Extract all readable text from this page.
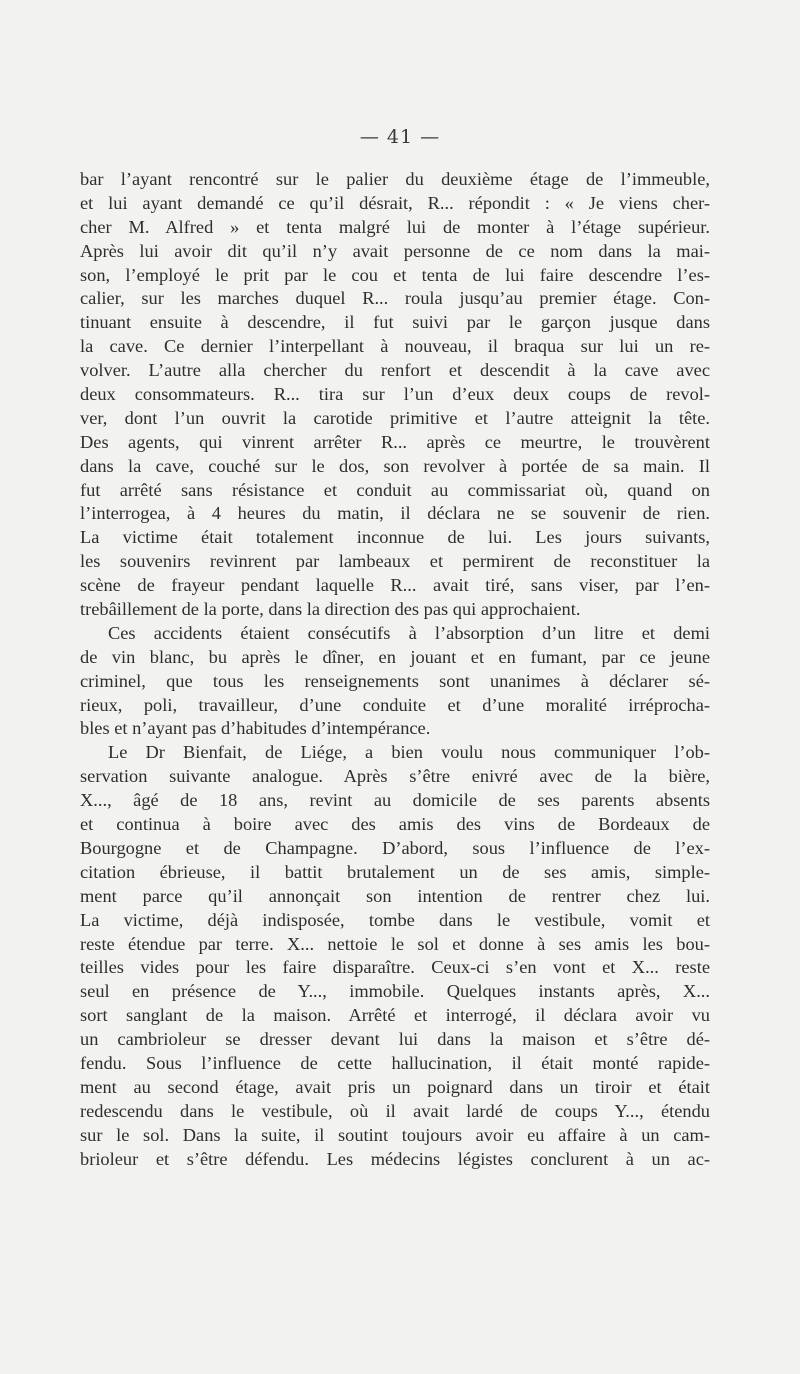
— 41 —
bar l’ayant rencontré sur le palier du deuxième étage de l’immeuble,
et lui ayant demandé ce qu’il désrait, R... répondit : « Je viens cher-
cher M. Alfred » et tenta malgré lui de monter à l’étage supérieur.
Après lui avoir dit qu’il n’y avait personne de ce nom dans la mai-
son, l’employé le prit par le cou et tenta de lui faire descendre l’es-
calier, sur les marches duquel R... roula jusqu’au premier étage. Con-
tinuant ensuite à descendre, il fut suivi par le garçon jusque dans
la cave. Ce dernier l’interpellant à nouveau, il braqua sur lui un re-
volver. L’autre alla chercher du renfort et descendit à la cave avec
deux consommateurs. R... tira sur l’un d’eux deux coups de revol-
ver, dont l’un ouvrit la carotide primitive et l’autre atteignit la tête.
Des agents, qui vinrent arrêter R... après ce meurtre, le trouvèrent
dans la cave, couché sur le dos, son revolver à portée de sa main. Il
fut arrêté sans résistance et conduit au commissariat où, quand on
l’interrogea, à 4 heures du matin, il déclara ne se souvenir de rien.
La victime était totalement inconnue de lui. Les jours suivants,
les souvenirs revinrent par lambeaux et permirent de reconstituer la
scène de frayeur pendant laquelle R... avait tiré, sans viser, par l’en-
trebâillement de la porte, dans la direction des pas qui approchaient.
Ces accidents étaient consécutifs à l’absorption d’un litre et demi
de vin blanc, bu après le dîner, en jouant et en fumant, par ce jeune
criminel, que tous les renseignements sont unanimes à déclarer sé-
rieux, poli, travailleur, d’une conduite et d’une moralité irréprocha-
bles et n’ayant pas d’habitudes d’intempérance.
Le Dr Bienfait, de Liége, a bien voulu nous communiquer l’ob-
servation suivante analogue. Après s’être enivré avec de la bière,
X..., âgé de 18 ans, revint au domicile de ses parents absents
et continua à boire avec des amis des vins de Bordeaux de
Bourgogne et de Champagne. D’abord, sous l’influence de l’ex-
citation ébrieuse, il battit brutalement un de ses amis, simple-
ment parce qu’il annonçait son intention de rentrer chez lui.
La victime, déjà indisposée, tombe dans le vestibule, vomit et
reste étendue par terre. X... nettoie le sol et donne à ses amis les bou-
teilles vides pour les faire disparaître. Ceux-ci s’en vont et X... reste
seul en présence de Y..., immobile. Quelques instants après, X...
sort sanglant de la maison. Arrêté et interrogé, il déclara avoir vu
un cambrioleur se dresser devant lui dans la maison et s’être dé-
fendu. Sous l’influence de cette hallucination, il était monté rapide-
ment au second étage, avait pris un poignard dans un tiroir et était
redescendu dans le vestibule, où il avait lardé de coups Y..., étendu
sur le sol. Dans la suite, il soutint toujours avoir eu affaire à un cam-
brioleur et s’être défendu. Les médecins légistes conclurent à un ac-
